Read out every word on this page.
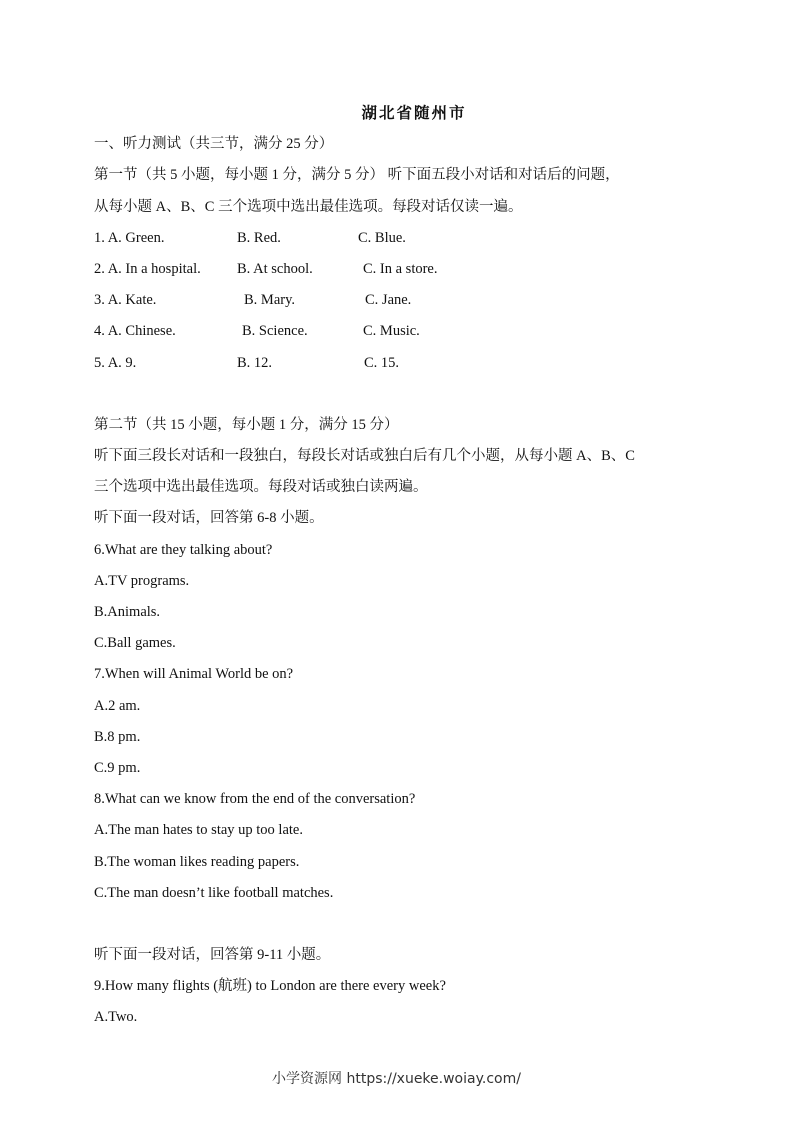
湖北省随州市
一、听力测试（共三节，满分 25 分）
第一节（共 5 小题，每小题 1 分，满分 5 分） 听下面五段小对话和对话后的问题，
从每小题 A、B、C 三个选项中选出最佳选项。每段对话仅读一遍。
1. A. Green.	B. Red.	C. Blue.
2. A. In a hospital.	B. At school.	C. In a store.
3. A. Kate.	B. Mary.	C. Jane.
4. A. Chinese.	B. Science.	C. Music.
5. A. 9.	B. 12.	C. 15.
第二节（共 15 小题，每小题 1 分，满分 15 分）
听下面三段长对话和一段独白，每段长对话或独白后有几个小题，从每小题 A、B、C
三个选项中选出最佳选项。每段对话或独白读两遍。
听下面一段对话，回答第 6-8 小题。
6.What are they talking about?
A.TV programs.
B.Animals.
C.Ball games.
7.When will Animal World be on?
A.2 am.
B.8 pm.
C.9 pm.
8.What can we know from the end of the conversation?
A.The man hates to stay up too late.
B.The woman likes reading papers.
C.The man doesn’t like football matches.
听下面一段对话，回答第 9-11 小题。
9.How many flights (航班) to London are there every week?
A.Two.
小学资源网 https://xueke.woiay.com/
